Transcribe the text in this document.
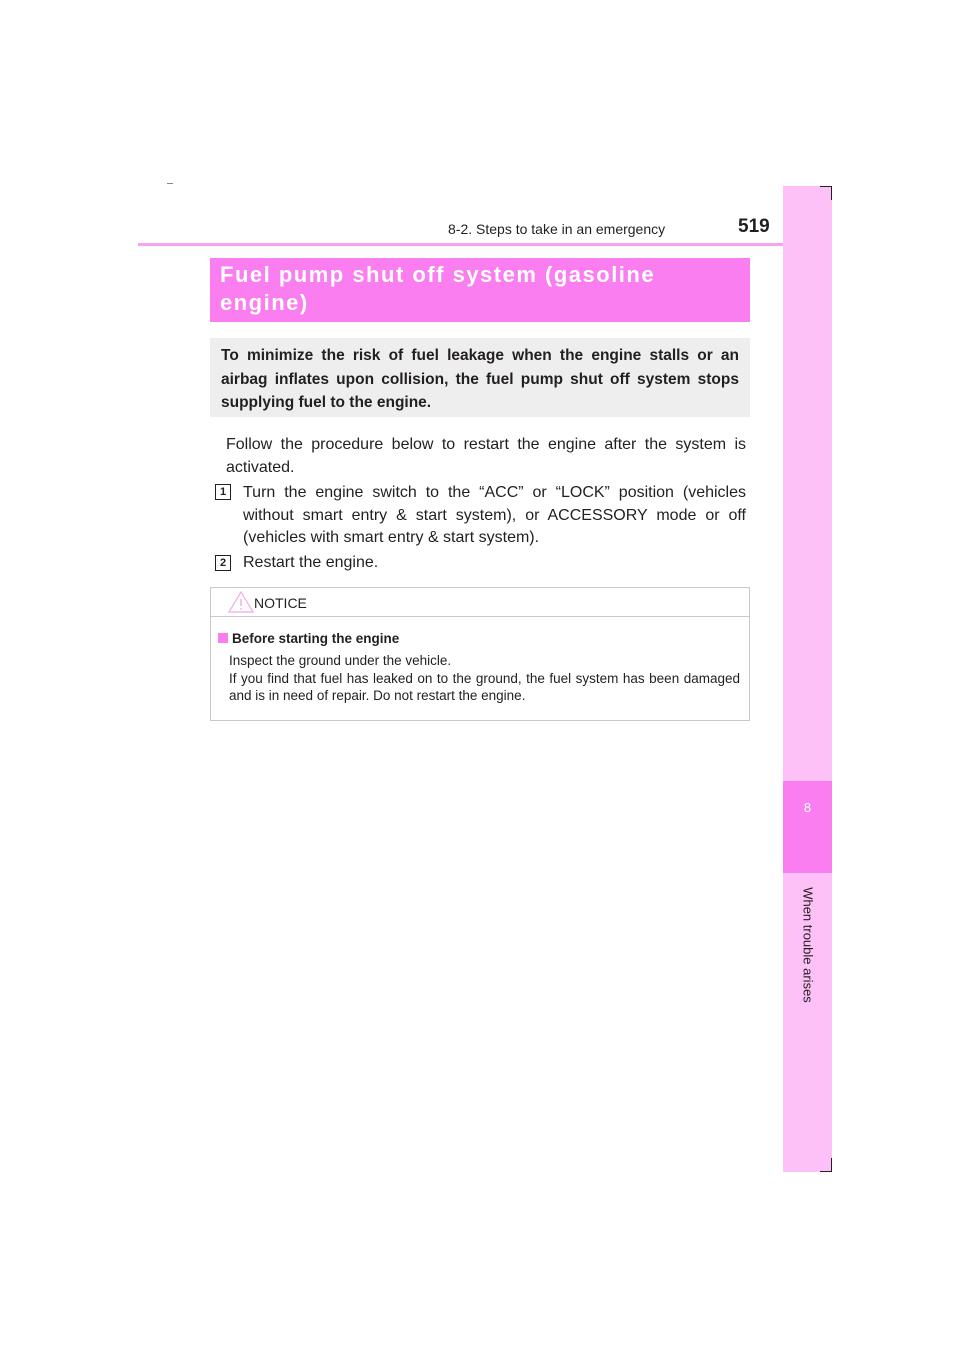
8-2. Steps to take in an emergency	519
8
When trouble arises
Fuel pump shut off system (gasoline
engine)
To minimize the risk of fuel leakage when the engine stalls or an airbag inflates upon collision, the fuel pump shut off system stops supplying fuel to the engine.
Follow the procedure below to restart the engine after the system is activated.
1	Turn the engine switch to the “ACC” or “LOCK” position (vehicles without smart entry & start system), or ACCESSORY mode or off (vehicles with smart entry & start system).
2	Restart the engine.
NOTICE
Before starting the engine
Inspect the ground under the vehicle.
If you find that fuel has leaked on to the ground, the fuel system has been damaged and is in need of repair. Do not restart the engine.
